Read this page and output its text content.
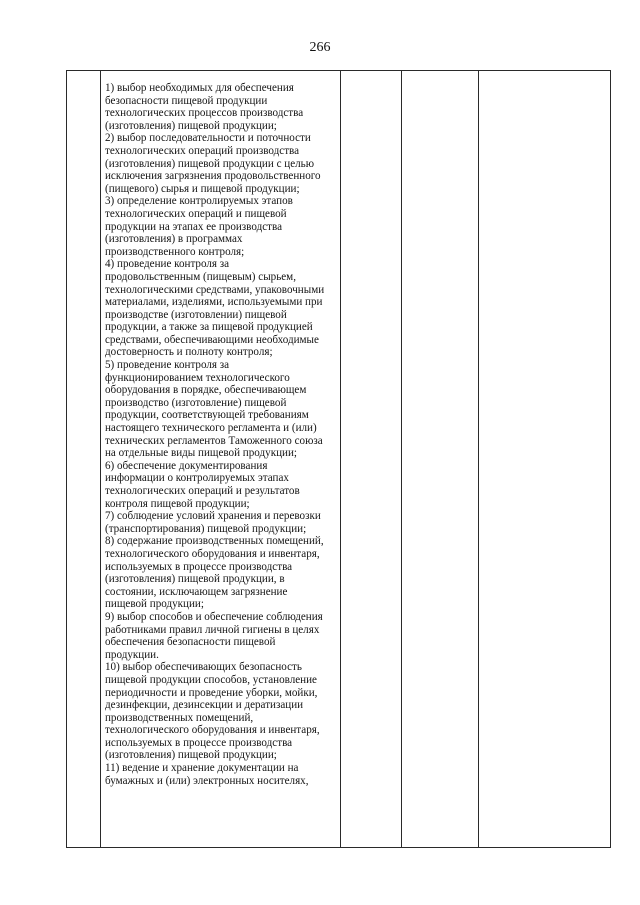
266

1) выбор необходимых для обеспечения
безопасности пищевой продукции
технологических процессов производства
(изготовления) пищевой продукции;
2) выбор последовательности и поточности
технологических операций производства
(изготовления) пищевой продукции с целью
исключения загрязнения продовольственного
(пищевого) сырья и пищевой продукции;
3) определение контролируемых этапов
технологических операций и пищевой
продукции на этапах ее производства
(изготовления) в программах
производственного контроля;
4) проведение контроля за
продовольственным (пищевым) сырьем,
технологическими средствами, упаковочными
материалами, изделиями, используемыми при
производстве (изготовлении) пищевой
продукции, а также за пищевой продукцией
средствами, обеспечивающими необходимые
достоверность и полноту контроля;
5) проведение контроля за
функционированием технологического
оборудования в порядке, обеспечивающем
производство (изготовление) пищевой
продукции, соответствующей требованиям
настоящего технического регламента и (или)
технических регламентов Таможенного союза
на отдельные виды пищевой продукции;
6) обеспечение документирования
информации о контролируемых этапах
технологических операций и результатов
контроля пищевой продукции;
7) соблюдение условий хранения и перевозки
(транспортирования) пищевой продукции;
8) содержание производственных помещений,
технологического оборудования и инвентаря,
используемых в процессе производства
(изготовления) пищевой продукции, в
состоянии, исключающем загрязнение
пищевой продукции;
9) выбор способов и обеспечение соблюдения
работниками правил личной гигиены в целях
обеспечения безопасности пищевой
продукции.
10) выбор обеспечивающих безопасность
пищевой продукции способов, установление
периодичности и проведение уборки, мойки,
дезинфекции, дезинсекции и дератизации
производственных помещений,
технологического оборудования и инвентаря,
используемых в процессе производства
(изготовления) пищевой продукции;
11) ведение и хранение документации на
бумажных и (или) электронных носителях,
